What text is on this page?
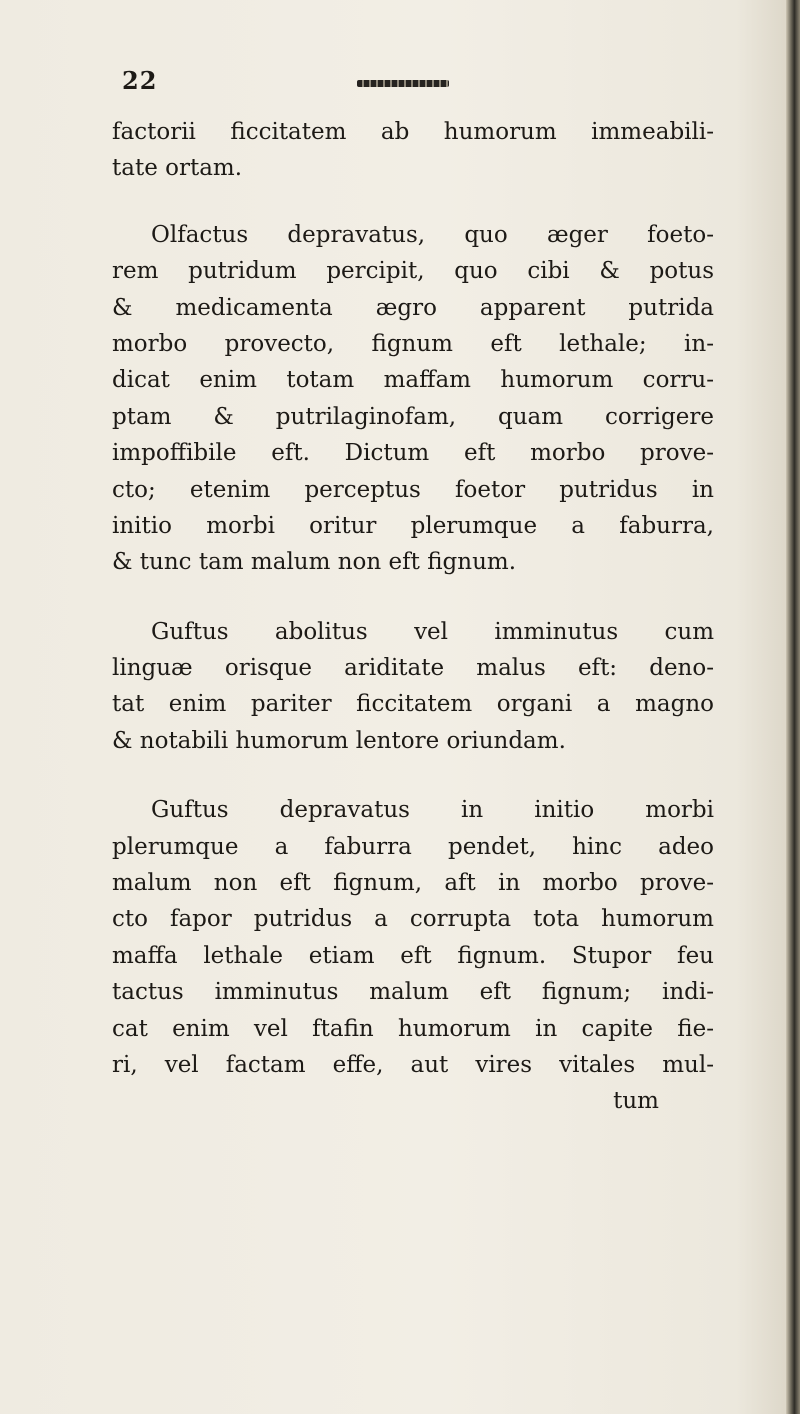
22
factorii ficcitatem ab humorum immeabili-
tate ortam.
Olfactus depravatus, quo æger foeto-
rem putridum percipit, quo cibi & potus
& medicamenta ægro apparent putrida
morbo provecto, fignum eft lethale; in-
dicat enim totam maffam humorum corru-
ptam & putrilaginofam, quam corrigere
impoffibile eft. Dictum eft morbo prove-
cto; etenim perceptus foetor putridus in
initio morbi oritur plerumque a faburra,
& tunc tam malum non eft fignum.
Guftus abolitus vel imminutus cum
linguæ orisque ariditate malus eft: deno-
tat enim pariter ficcitatem organi a magno
& notabili humorum lentore oriundam.
Guftus depravatus in initio morbi
plerumque a faburra pendet, hinc adeo
malum non eft fignum, aft in morbo prove-
cto fapor putridus a corrupta tota humorum
maffa lethale etiam eft fignum. Stupor feu
tactus imminutus malum eft fignum; indi-
cat enim vel ftafin humorum in capite fie-
ri, vel factam effe, aut vires vitales mul-
tum
